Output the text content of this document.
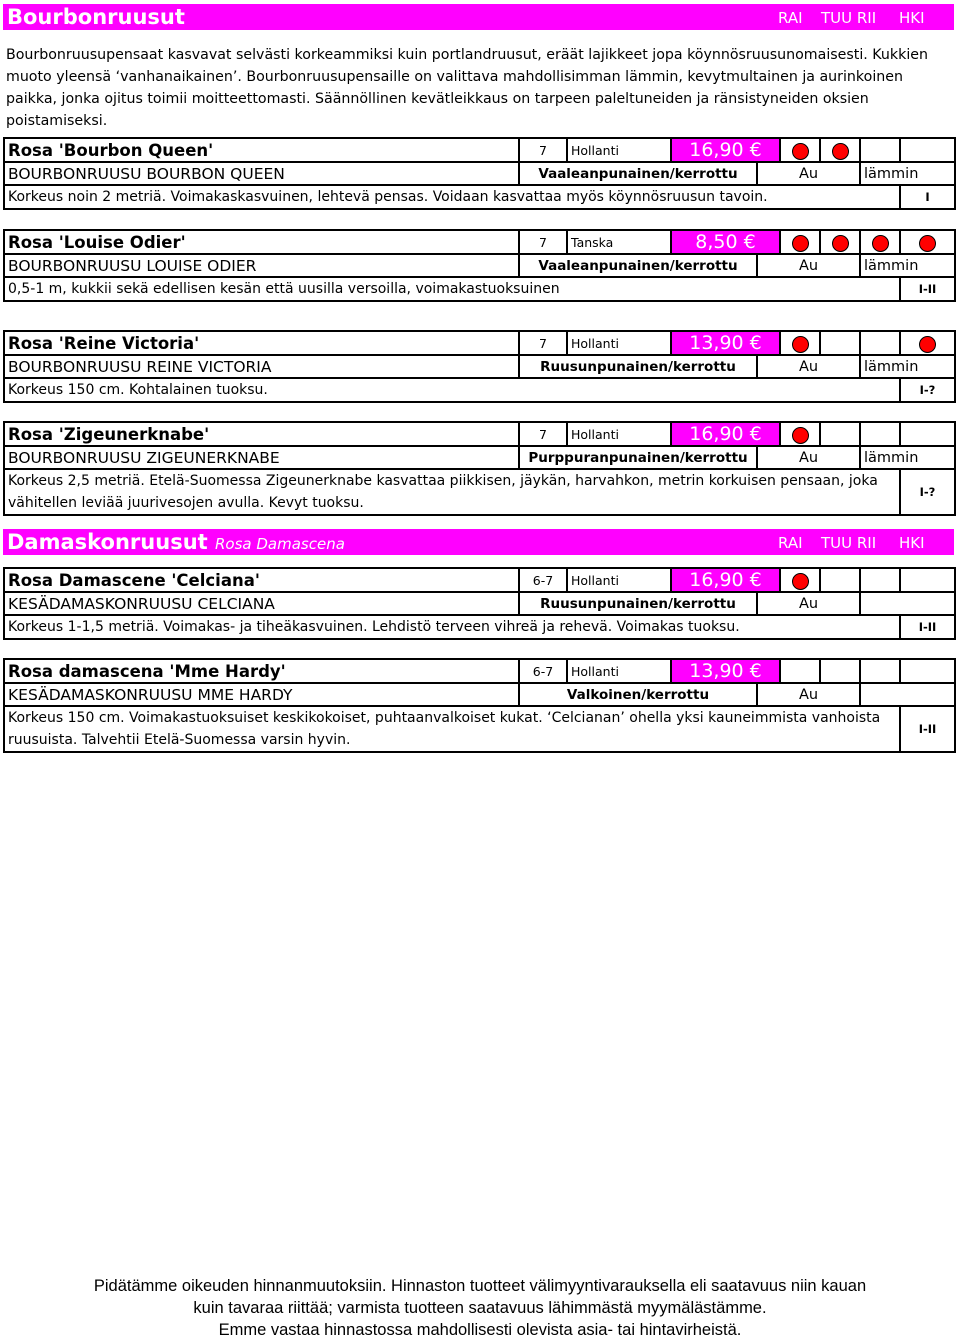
Bourbonruusut	RAI TUU RII HKI
Bourbonruusupensaat kasvavat selvästi korkeammiksi kuin portlandruusut, eräät lajikkeet jopa köynnösruusunomaisesti. Kukkien muoto yleensä ‘vanhanaikainen’. Bourbonruusupensaille on valittava mahdollisimman lämmin, kevytmultainen ja aurinkoinen paikka, jonka ojitus toimii moitteettomasti. Säännöllinen kevätleikkaus on tarpeen paleltuneiden ja ränsistyneiden oksien poistamiseksi.
Rosa 'Bourbon Queen'	7	Hollanti	16,90 €					
BOURBONRUUSU BOURBON QUEEN	Vaaleanpunainen/kerrottu			Au			lämmin	
Korkeus noin 2 metriä. Voimakaskasvuinen, lehtevä pensas. Voidaan kasvattaa myös köynnösruusun tavoin.								I
Rosa 'Louise Odier'	7	Tanska	8,50 €					
BOURBONRUUSU LOUISE ODIER	Vaaleanpunainen/kerrottu			Au			lämmin	
0,5-1 m, kukkii sekä edellisen kesän että uusilla versoilla, voimakastuoksuinen								I-II
Rosa 'Reine Victoria'	7	Hollanti	13,90 €					
BOURBONRUUSU REINE VICTORIA	Ruusunpunainen/kerrottu			Au			lämmin	
Korkeus 150 cm. Kohtalainen tuoksu.								I-?
Rosa 'Zigeunerknabe'	7	Hollanti	16,90 €					
BOURBONRUUSU ZIGEUNERKNABE	Purppuranpunainen/kerrottu			Au			lämmin	
Korkeus 2,5 metriä. Etelä-Suomessa Zigeunerknabe kasvattaa piikkisen, jäykän, harvahkon, metrin korkuisen pensaan, joka vähitellen leviää juurivesojen avulla. Kevyt tuoksu.								I-?
Damaskonruusut Rosa Damascena	RAI TUU RII HKI
Rosa Damascene 'Celciana'	6-7	Hollanti	16,90 €					
KESÄDAMASKONRUUSU CELCIANA	Ruusunpunainen/kerrottu			Au				
Korkeus 1-1,5 metriä. Voimakas- ja tiheäkasvuinen. Lehdistö terveen vihreä ja rehevä. Voimakas tuoksu.								I-II
Rosa damascena 'Mme Hardy'	6-7	Hollanti	13,90 €					
KESÄDAMASKONRUUSU MME HARDY	Valkoinen/kerrottu			Au				
Korkeus 150 cm. Voimakastuoksuiset keskikokoiset, puhtaanvalkoiset kukat. ‘Celcianan’ ohella yksi kauneimmista vanhoista ruusuista. Talvehtii Etelä-Suomessa varsin hyvin.								I-II
Pidätämme oikeuden hinnanmuutoksiin. Hinnaston tuotteet välimyyntivarauksella eli saatavuus niin kauan
kuin tavaraa riittää; varmista tuotteen saatavuus lähimmästä myymälästämme.
Emme vastaa hinnastossa mahdollisesti olevista asia- tai hintavirheistä.
